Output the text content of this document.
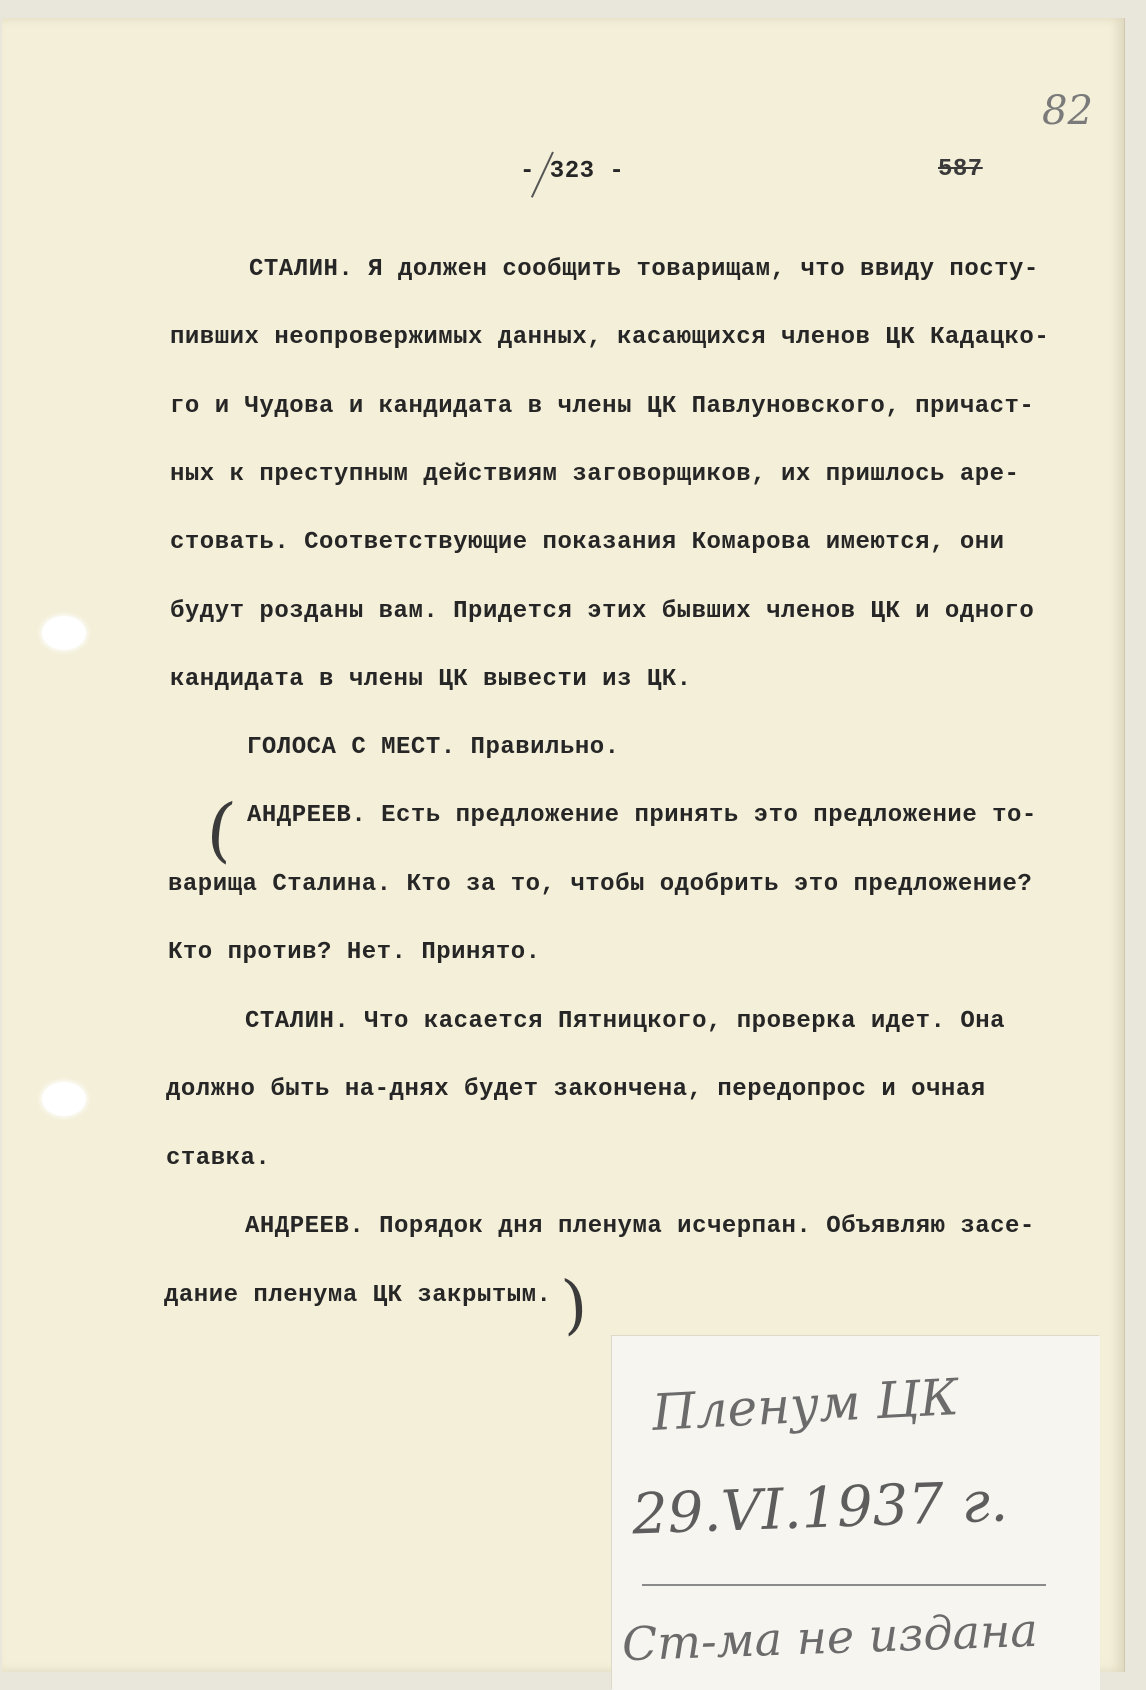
82
- 323 -	587
СТАЛИН. Я должен сообщить товарищам, что ввиду посту-
пивших неопровержимых данных, касающихся членов ЦК Кадацко-
го и Чудова и кандидата в члены ЦК Павлуновского, причаст-
ных к преступным действиям заговорщиков, их пришлось аре-
стовать. Соответствующие показания Комарова имеются, они
будут розданы вам. Придется этих бывших членов ЦК и одного
кандидата в члены ЦК вывести из ЦК.
ГОЛОСА С МЕСТ. Правильно.
( АНДРЕЕВ. Есть предложение принять это предложение то-
варища Сталина. Кто за то, чтобы одобрить это предложение?
Кто против? Нет. Принято.
СТАЛИН. Что касается Пятницкого, проверка идет. Она
должно быть на-днях будет закончена, передопрос и очная
ставка.
АНДРЕЕВ. Порядок дня пленума исчерпан. Объявляю засе-
дание пленума ЦК закрытым. )
Пленум ЦК
29.VI.1937 г.
Ст-ма не издана
